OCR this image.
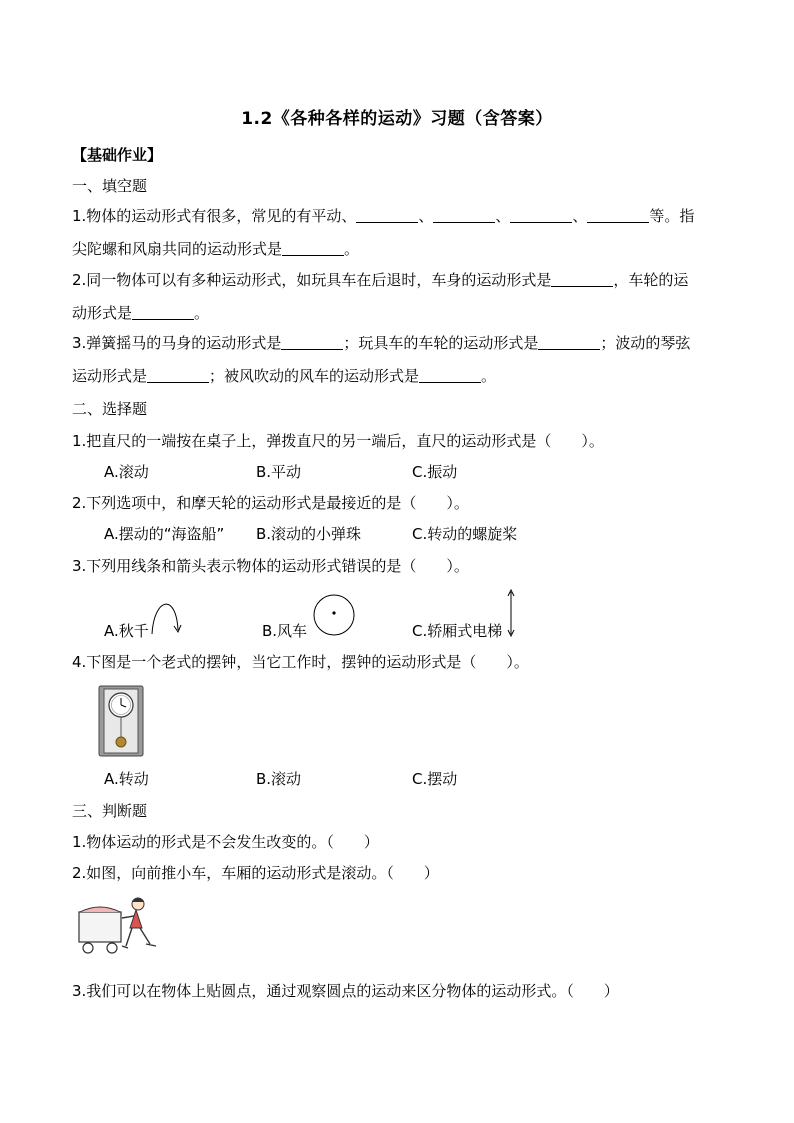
1.2《各种各样的运动》习题（含答案）
【基础作业】
一、填空题
1.物体的运动形式有很多，常见的有平动、	、	、	、	等。指
尖陀螺和风扇共同的运动形式是	。
2.同一物体可以有多种运动形式，如玩具车在后退时，车身的运动形式是	，车轮的运
动形式是	。
3.弹簧摇马的马身的运动形式是	；玩具车的车轮的运动形式是	；波动的琴弦
运动形式是	；被风吹动的风车的运动形式是	。
二、选择题
1.把直尺的一端按在桌子上，弹拨直尺的另一端后，直尺的运动形式是（　　）。
A.滚动	B.平动	C.振动
2.下列选项中，和摩天轮的运动形式是最接近的是（　　）。
A.摆动的“海盗船” B.滚动的小弹珠	C.转动的螺旋桨
3.下列用线条和箭头表示物体的运动形式错误的是（　　）。
A.秋千	B.风车	C.轿厢式电梯
4.下图是一个老式的摆钟，当它工作时，摆钟的运动形式是（　　）。
A.转动	B.滚动	C.摆动
三、判断题
1.物体运动的形式是不会发生改变的。（　　）
2.如图，向前推小车，车厢的运动形式是滚动。（　　）
3.我们可以在物体上贴圆点，通过观察圆点的运动来区分物体的运动形式。（　　）
